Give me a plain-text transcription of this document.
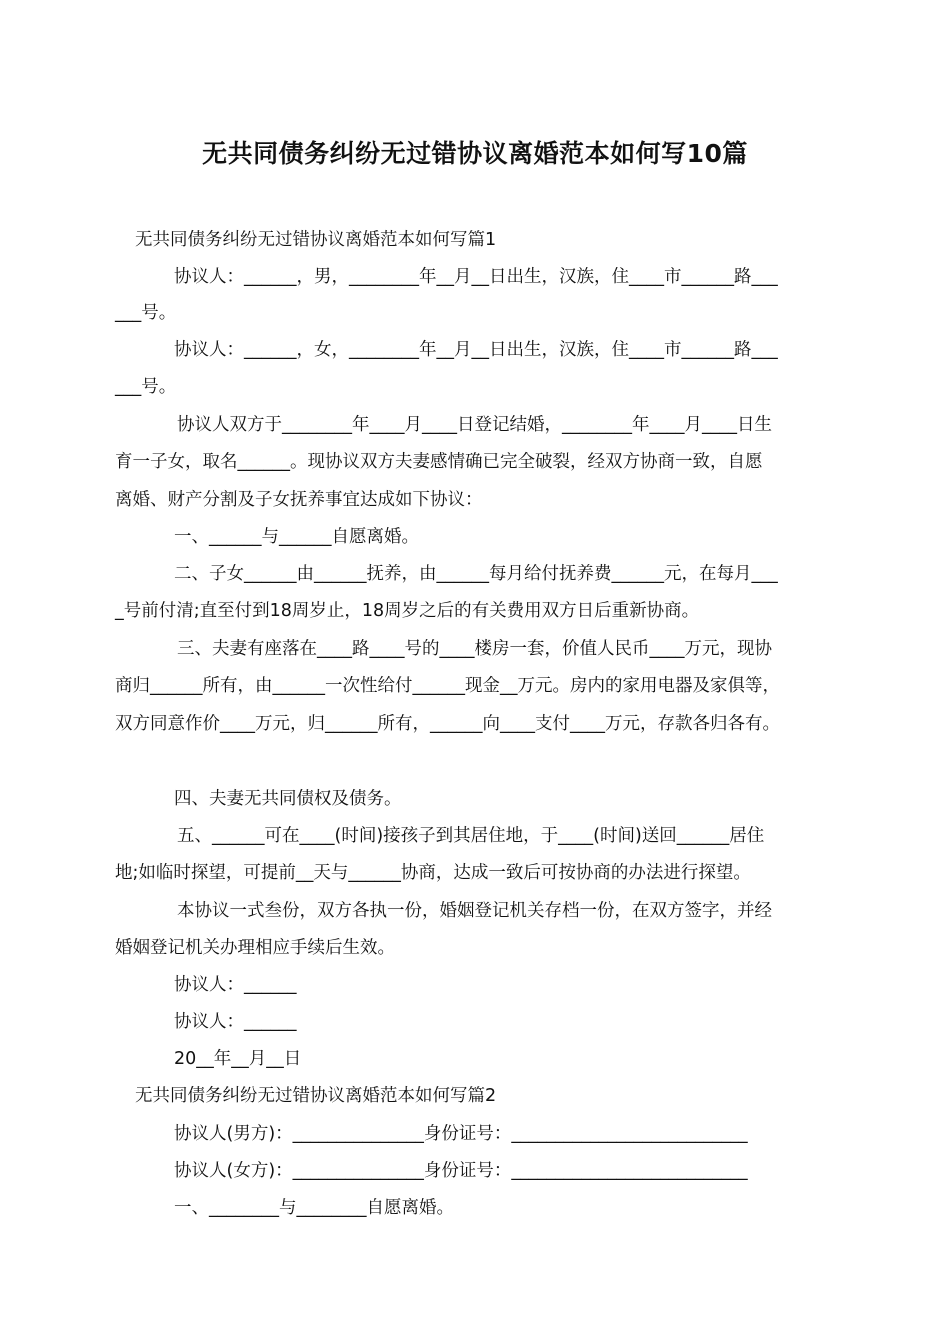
无共同债务纠纷无过错协议离婚范本如何写10篇
无共同债务纠纷无过错协议离婚范本如何写篇1
协议人：______，男，________年__月__日出生，汉族，住____市______路___
___号。
协议人：______，女，________年__月__日出生，汉族，住____市______路___
___号。
协议人双方于________年____月____日登记结婚，________年____月____日生
育一子女，取名______。现协议双方夫妻感情确已完全破裂，经双方协商一致，自愿
离婚、财产分割及子女抚养事宜达成如下协议：
一、______与______自愿离婚。
二、子女______由______抚养，由______每月给付抚养费______元，在每月___
_号前付清;直至付到18周岁止，18周岁之后的有关费用双方日后重新协商。
三、夫妻有座落在____路____号的____楼房一套，价值人民币____万元，现协
商归______所有，由______一次性给付______现金__万元。房内的家用电器及家俱等，
双方同意作价____万元，归______所有，______向____支付____万元，存款各归各有。
四、夫妻无共同债权及债务。
五、______可在____(时间)接孩子到其居住地，于____(时间)送回______居住
地;如临时探望，可提前__天与______协商，达成一致后可按协商的办法进行探望。
本协议一式叁份，双方各执一份，婚姻登记机关存档一份，在双方签字，并经
婚姻登记机关办理相应手续后生效。
协议人：______
协议人：______
20__年__月__日
无共同债务纠纷无过错协议离婚范本如何写篇2
协议人(男方)：_______________身份证号：___________________________
协议人(女方)：_______________身份证号：___________________________
一、________与________自愿离婚。
